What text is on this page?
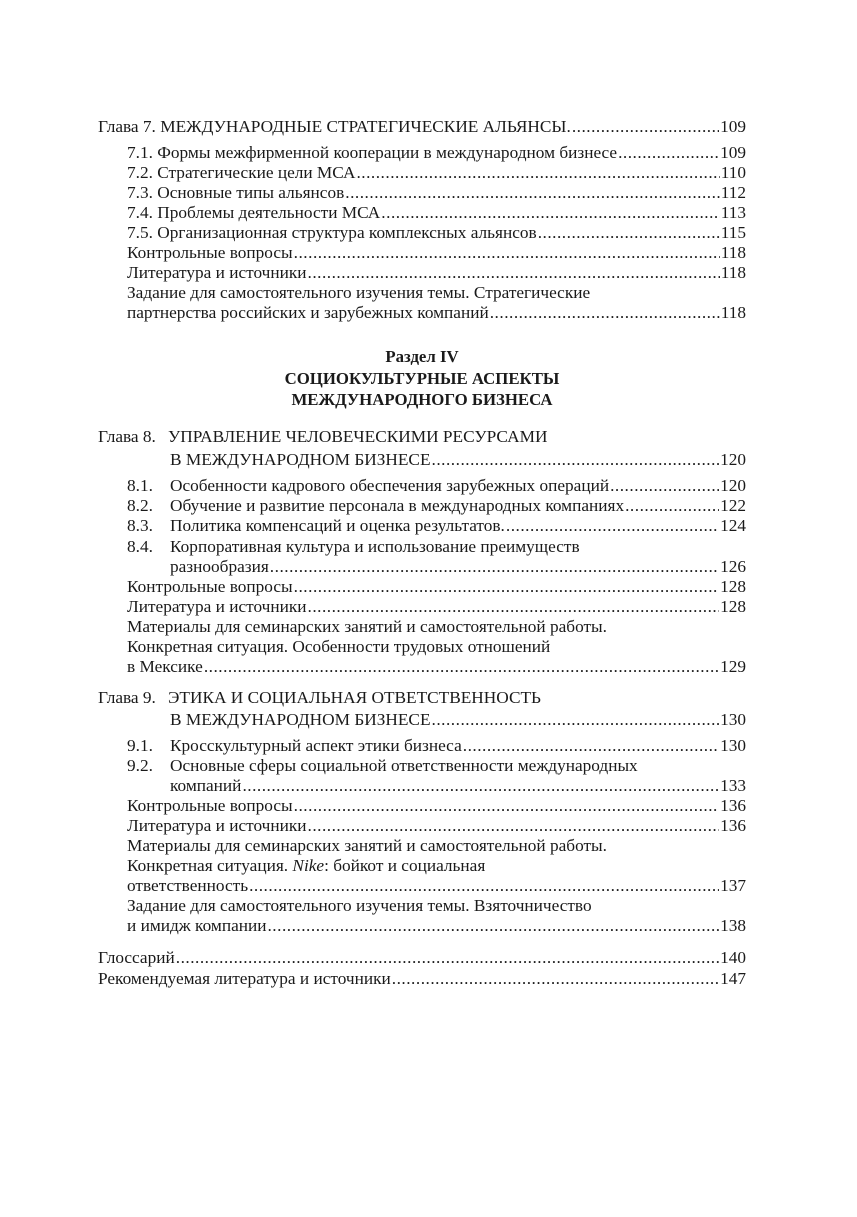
Глава 7. МЕЖДУНАРОДНЫЕ СТРАТЕГИЧЕСКИЕ АЛЬЯНСЫ. .....	109
7.1. Формы межфирменной кооперации в международном бизнесе .....	109
7.2. Стратегические цели МСА .....	110
7.3. Основные типы альянсов .....	112
7.4. Проблемы деятельности МСА .....	113
7.5. Организационная структура комплексных альянсов .....	115
Контрольные вопросы .....	118
Литература и источники .....	118
Задание для самостоятельного изучения темы. Стратегические
партнерства российских и зарубежных компаний .....	118
Раздел IV
СОЦИОКУЛЬТУРНЫЕ АСПЕКТЫ
МЕЖДУНАРОДНОГО БИЗНЕСА
Глава 8. УПРАВЛЕНИЕ ЧЕЛОВЕЧЕСКИМИ РЕСУРСАМИ
В МЕЖДУНАРОДНОМ БИЗНЕСЕ .....	120
8.1. Особенности кадрового обеспечения зарубежных операций .....	120
8.2. Обучение и развитие персонала в международных компаниях .....	122
8.3. Политика компенсаций и оценка результатов. .....	124
8.4. Корпоративная культура и использование преимуществ
разнообразия .....	126
Контрольные вопросы .....	128
Литература и источники .....	128
Материалы для семинарских занятий и самостоятельной работы.
Конкретная ситуация. Особенности трудовых отношений
в Мексике .....	129
Глава 9. ЭТИКА И СОЦИАЛЬНАЯ ОТВЕТСТВЕННОСТЬ
В МЕЖДУНАРОДНОМ БИЗНЕСЕ .....	130
9.1. Кросскультурный аспект этики бизнеса .....	130
9.2. Основные сферы социальной ответственности международных
компаний .....	133
Контрольные вопросы .....	136
Литература и источники .....	136
Материалы для семинарских занятий и самостоятельной работы.
Конкретная ситуация. Nike: бойкот и социальная
ответственность .....	137
Задание для самостоятельного изучения темы. Взяточничество
и имидж компании .....	138
Глоссарий .....	140
Рекомендуемая литература и источники .....	147
